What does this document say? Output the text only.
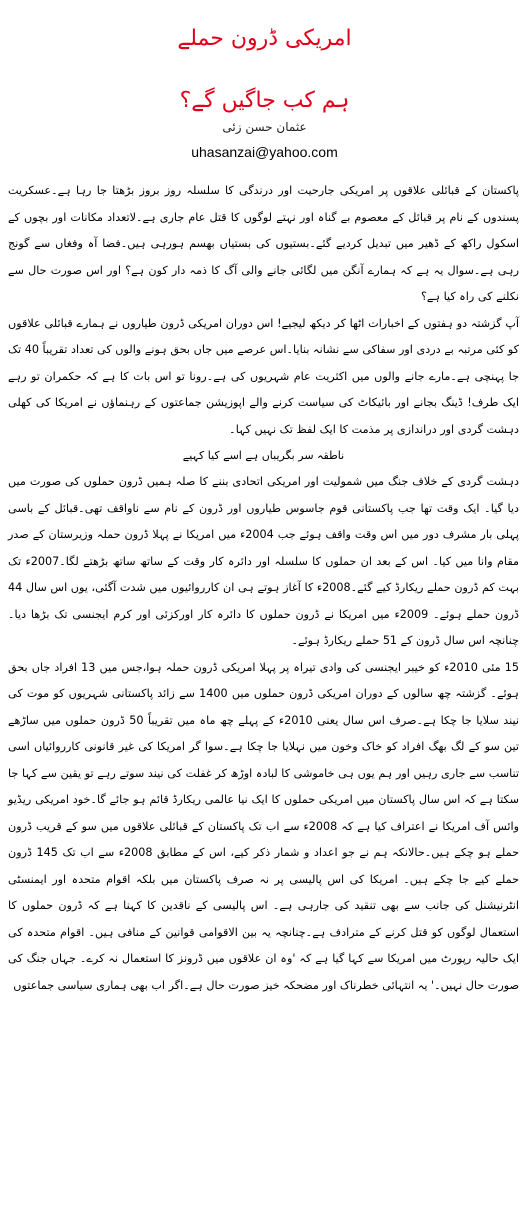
امریکی ڈرون حملے
ہم کب جاگیں گے؟
عثمان حسن زئی
uhasanzai@yahoo.com

پاکستان کے قبائلی علاقوں پر امریکی جارحیت اور درندگی کا سلسلہ روز بروز بڑھتا جا رہا ہے۔عسکریت پسندوں کے نام پر قبائل کے معصوم بے گناہ اور نہتے لوگوں کا قتل عام جاری ہے۔لاتعداد مکانات اور بچوں کے اسکول راکھ کے ڈھیر میں تبدیل کردیے گئے۔بستیوں کی بستیاں بھسم ہورہی ہیں۔فضا آہ وفغاں سے گونج رہی ہے۔سوال یہ ہے کہ ہمارے آنگن میں لگائی جانے والی آگ کا ذمہ دار کون ہے؟ اور اس صورت حال سے نکلنے کی راہ کیا ہے؟

آپ گزشتہ دو ہفتوں کے اخبارات اٹھا کر دیکھ لیجیے! اس دوران امریکی ڈرون طیاروں نے ہمارے قبائلی علاقوں کو کئی مرتبہ بے دردی اور سفاکی سے نشانہ بنایا۔اس عرصے میں جاں بحق ہونے والوں کی تعداد تقریباً 40 تک جا پہنچی ہے۔مارے جانے والوں میں اکثریت عام شہریوں کی ہے۔رونا تو اس بات کا ہے کہ حکمران تو رہے ایک طرف! ڈینگ بجانے اور بائیکاٹ کی سیاست کرنے والے اپوزیشن جماعتوں کے رہنماؤں نے امریکا کی کھلی دہشت گردی اور دراندازی پر مذمت کا ایک لفظ تک نہیں کہا۔

ناطقہ سر بگریباں ہے اسے کیا کہیے

دہشت گردی کے خلاف جنگ میں شمولیت اور امریکی اتحادی بننے کا صلہ ہمیں ڈرون حملوں کی صورت میں دیا گیا۔ ایک وقت تھا جب پاکستانی قوم جاسوس طیاروں اور ڈرون کے نام سے ناواقف تھی۔قبائل کے باسی پہلی بار مشرف دور میں اس وقت واقف ہوئے جب 2004ء میں امریکا نے پہلا ڈرون حملہ وزیرستان کے صدر مقام وانا میں کیا۔ اس کے بعد ان حملوں کا سلسلہ اور دائرہ کار وقت کے ساتھ ساتھ بڑھتے لگا۔2007ء تک بہت کم ڈرون حملے ریکارڈ کیے گئے۔2008ء کا آغاز ہوتے ہی ان کارروائیوں میں شدت آگئی، یوں اس سال 44 ڈرون حملے ہوئے۔ 2009ء میں امریکا نے ڈرون حملوں کا دائرہ کار اورکزئی اور کرم ایجنسی تک بڑھا دیا۔چنانچہ اس سال ڈرون کے 51 حملے ریکارڈ ہوئے۔

15 مئی 2010ء کو خیبر ایجنسی کی وادی تیراہ پر پہلا امریکی ڈرون حملہ ہوا،جس میں 13 افراد جاں بحق ہوئے۔ گزشتہ چھ سالوں کے دوران امریکی ڈرون حملوں میں 1400 سے زائد پاکستانی شہریوں کو موت کی نیند سلایا جا چکا ہے۔صرف اس سال یعنی 2010ء کے پہلے چھ ماہ میں تقریباً 50 ڈرون حملوں میں ساڑھے تین سو کے لگ بھگ افراد کو خاک وخون میں نہلایا جا چکا ہے۔سوا گر امریکا کی غیر قانونی کارروائیاں اسی تناسب سے جاری رہیں اور ہم یوں ہی خاموشی کا لبادہ اوڑھ کر غفلت کی نیند سوتے رہے تو یقین سے کہا جا سکتا ہے کہ اس سال پاکستان میں امریکی حملوں کا ایک نیا عالمی ریکارڈ قائم ہو جائے گا۔خود امریکی ریڈیو وائس آف امریکا نے اعتراف کیا ہے کہ 2008ء سے اب تک پاکستان کے قبائلی علاقوں میں سو کے قریب ڈرون حملے ہو چکے ہیں۔حالانکہ ہم نے جو اعداد و شمار ذکر کیے، اس کے مطابق 2008ء سے اب تک 145 ڈرون حملے کیے جا چکے ہیں۔ امریکا کی اس پالیسی پر نہ صرف پاکستان میں بلکہ اقوام متحدہ اور ایمنسٹی انٹرنیشنل کی جانب سے بھی تنقید کی جارہی ہے۔ اس پالیسی کے ناقدین کا کہنا ہے کہ ڈرون حملوں کا استعمال لوگوں کو قتل کرنے کے مترادف ہے۔چنانچہ یہ بین الاقوامی قوانین کے منافی ہیں۔ اقوام متحدہ کی ایک حالیہ رپورٹ میں امریکا سے کہا گیا ہے کہ 'وہ ان علاقوں میں ڈرونز کا استعمال نہ کرے۔ جہاں جنگ کی صورت حال نہیں۔' یہ انتہائی خطرناک اور مضحکہ خیز صورت حال ہے۔اگر اب بھی ہماری سیاسی جماعتوں
